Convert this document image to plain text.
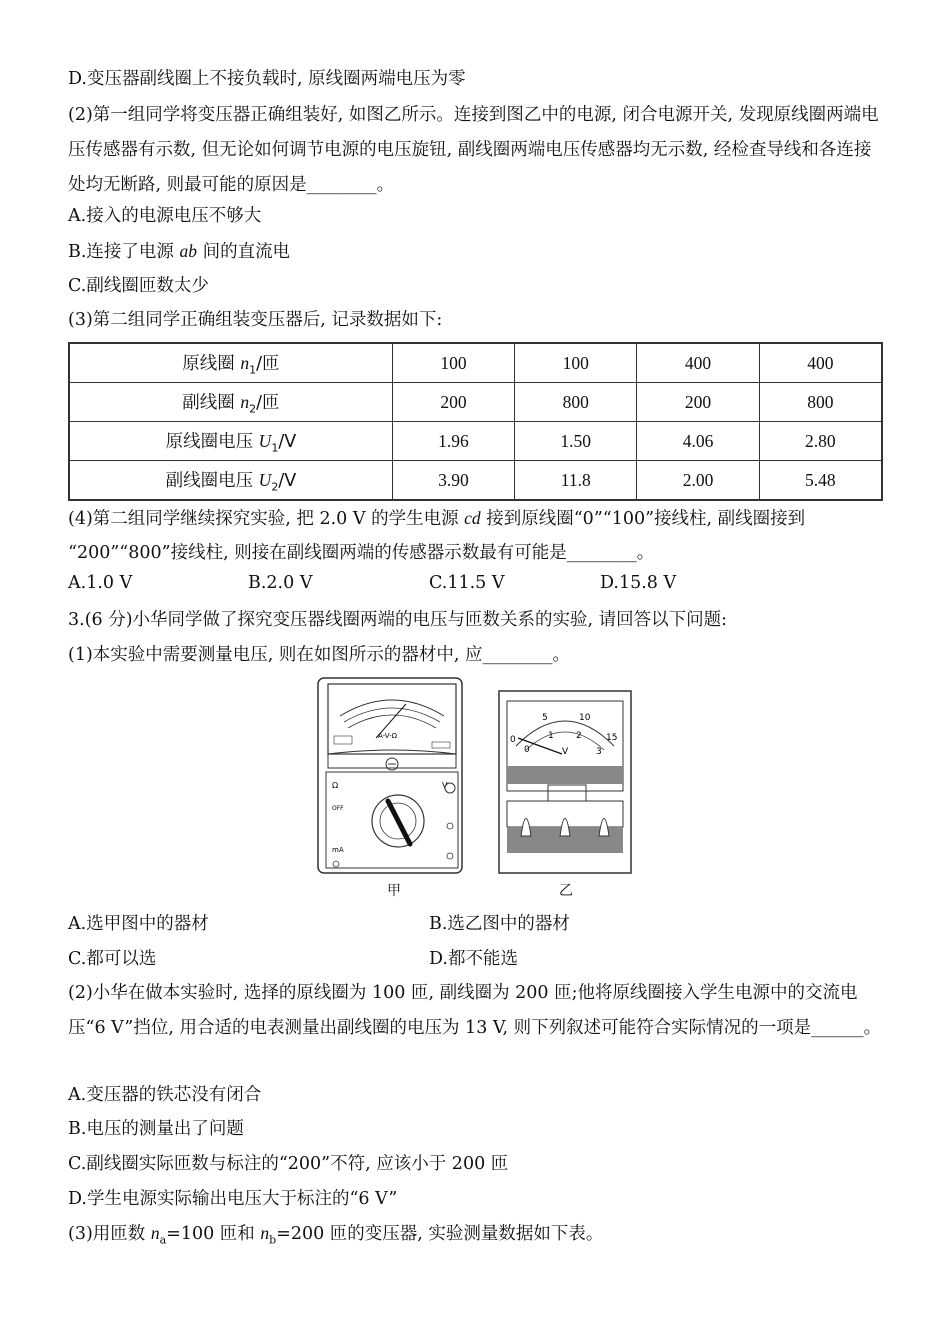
D.变压器副线圈上不接负载时, 原线圈两端电压为零
(2)第一组同学将变压器正确组装好, 如图乙所示。连接到图乙中的电源, 闭合电源开关, 发现原线圈两端电压传感器有示数, 但无论如何调节电源的电压旋钮, 副线圈两端电压传感器均无示数, 经检查导线和各连接处均无断路, 则最可能的原因是________。
A.接入的电源电压不够大
B.连接了电源 ab 间的直流电
C.副线圈匝数太少
(3)第二组同学正确组装变压器后, 记录数据如下:
原线圈 $n_1/$匝	100	100	400	400
副线圈 $n_2/$匝	200	800	200	800
原线圈电压 $U_1/V$	1.96	1.50	4.06	2.80
副线圈电压 $U_2/V$	3.90	11.8	2.00	5.48
(4)第二组同学继续探究实验, 把 2.0 V 的学生电源 cd 接到原线圈“0”“100”接线柱, 副线圈接到
“200”“800”接线柱, 则接在副线圈两端的传感器示数最有可能是________。
A.1.0 V	B.2.0 V	C.11.5 V	D.15.8 V
3.(6 分)小华同学做了探究变压器线圈两端的电压与匝数关系的实验, 请回答以下问题:
(1)本实验中需要测量电压, 则在如图所示的器材中, 应________。
A-V-Ω
Ω	V
OFF
mA
5	10
15
0
0
1 2
3
V
甲	乙
A.选甲图中的器材	B.选乙图中的器材
C.都可以选	D.都不能选
(2)小华在做本实验时, 选择的原线圈为 100 匝, 副线圈为 200 匝;他将原线圈接入学生电源中的交流电压“6 V”挡位, 用合适的电表测量出副线圈的电压为 13 V, 则下列叙述可能符合实际情况的一项是______。
A.变压器的铁芯没有闭合
B.电压的测量出了问题
C.副线圈实际匝数与标注的“200”不符, 应该小于 200 匝
D.学生电源实际输出电压大于标注的“6 V”
(3)用匝数 $n_a=100$ 匝和 $n_b=200$ 匝的变压器, 实验测量数据如下表。
